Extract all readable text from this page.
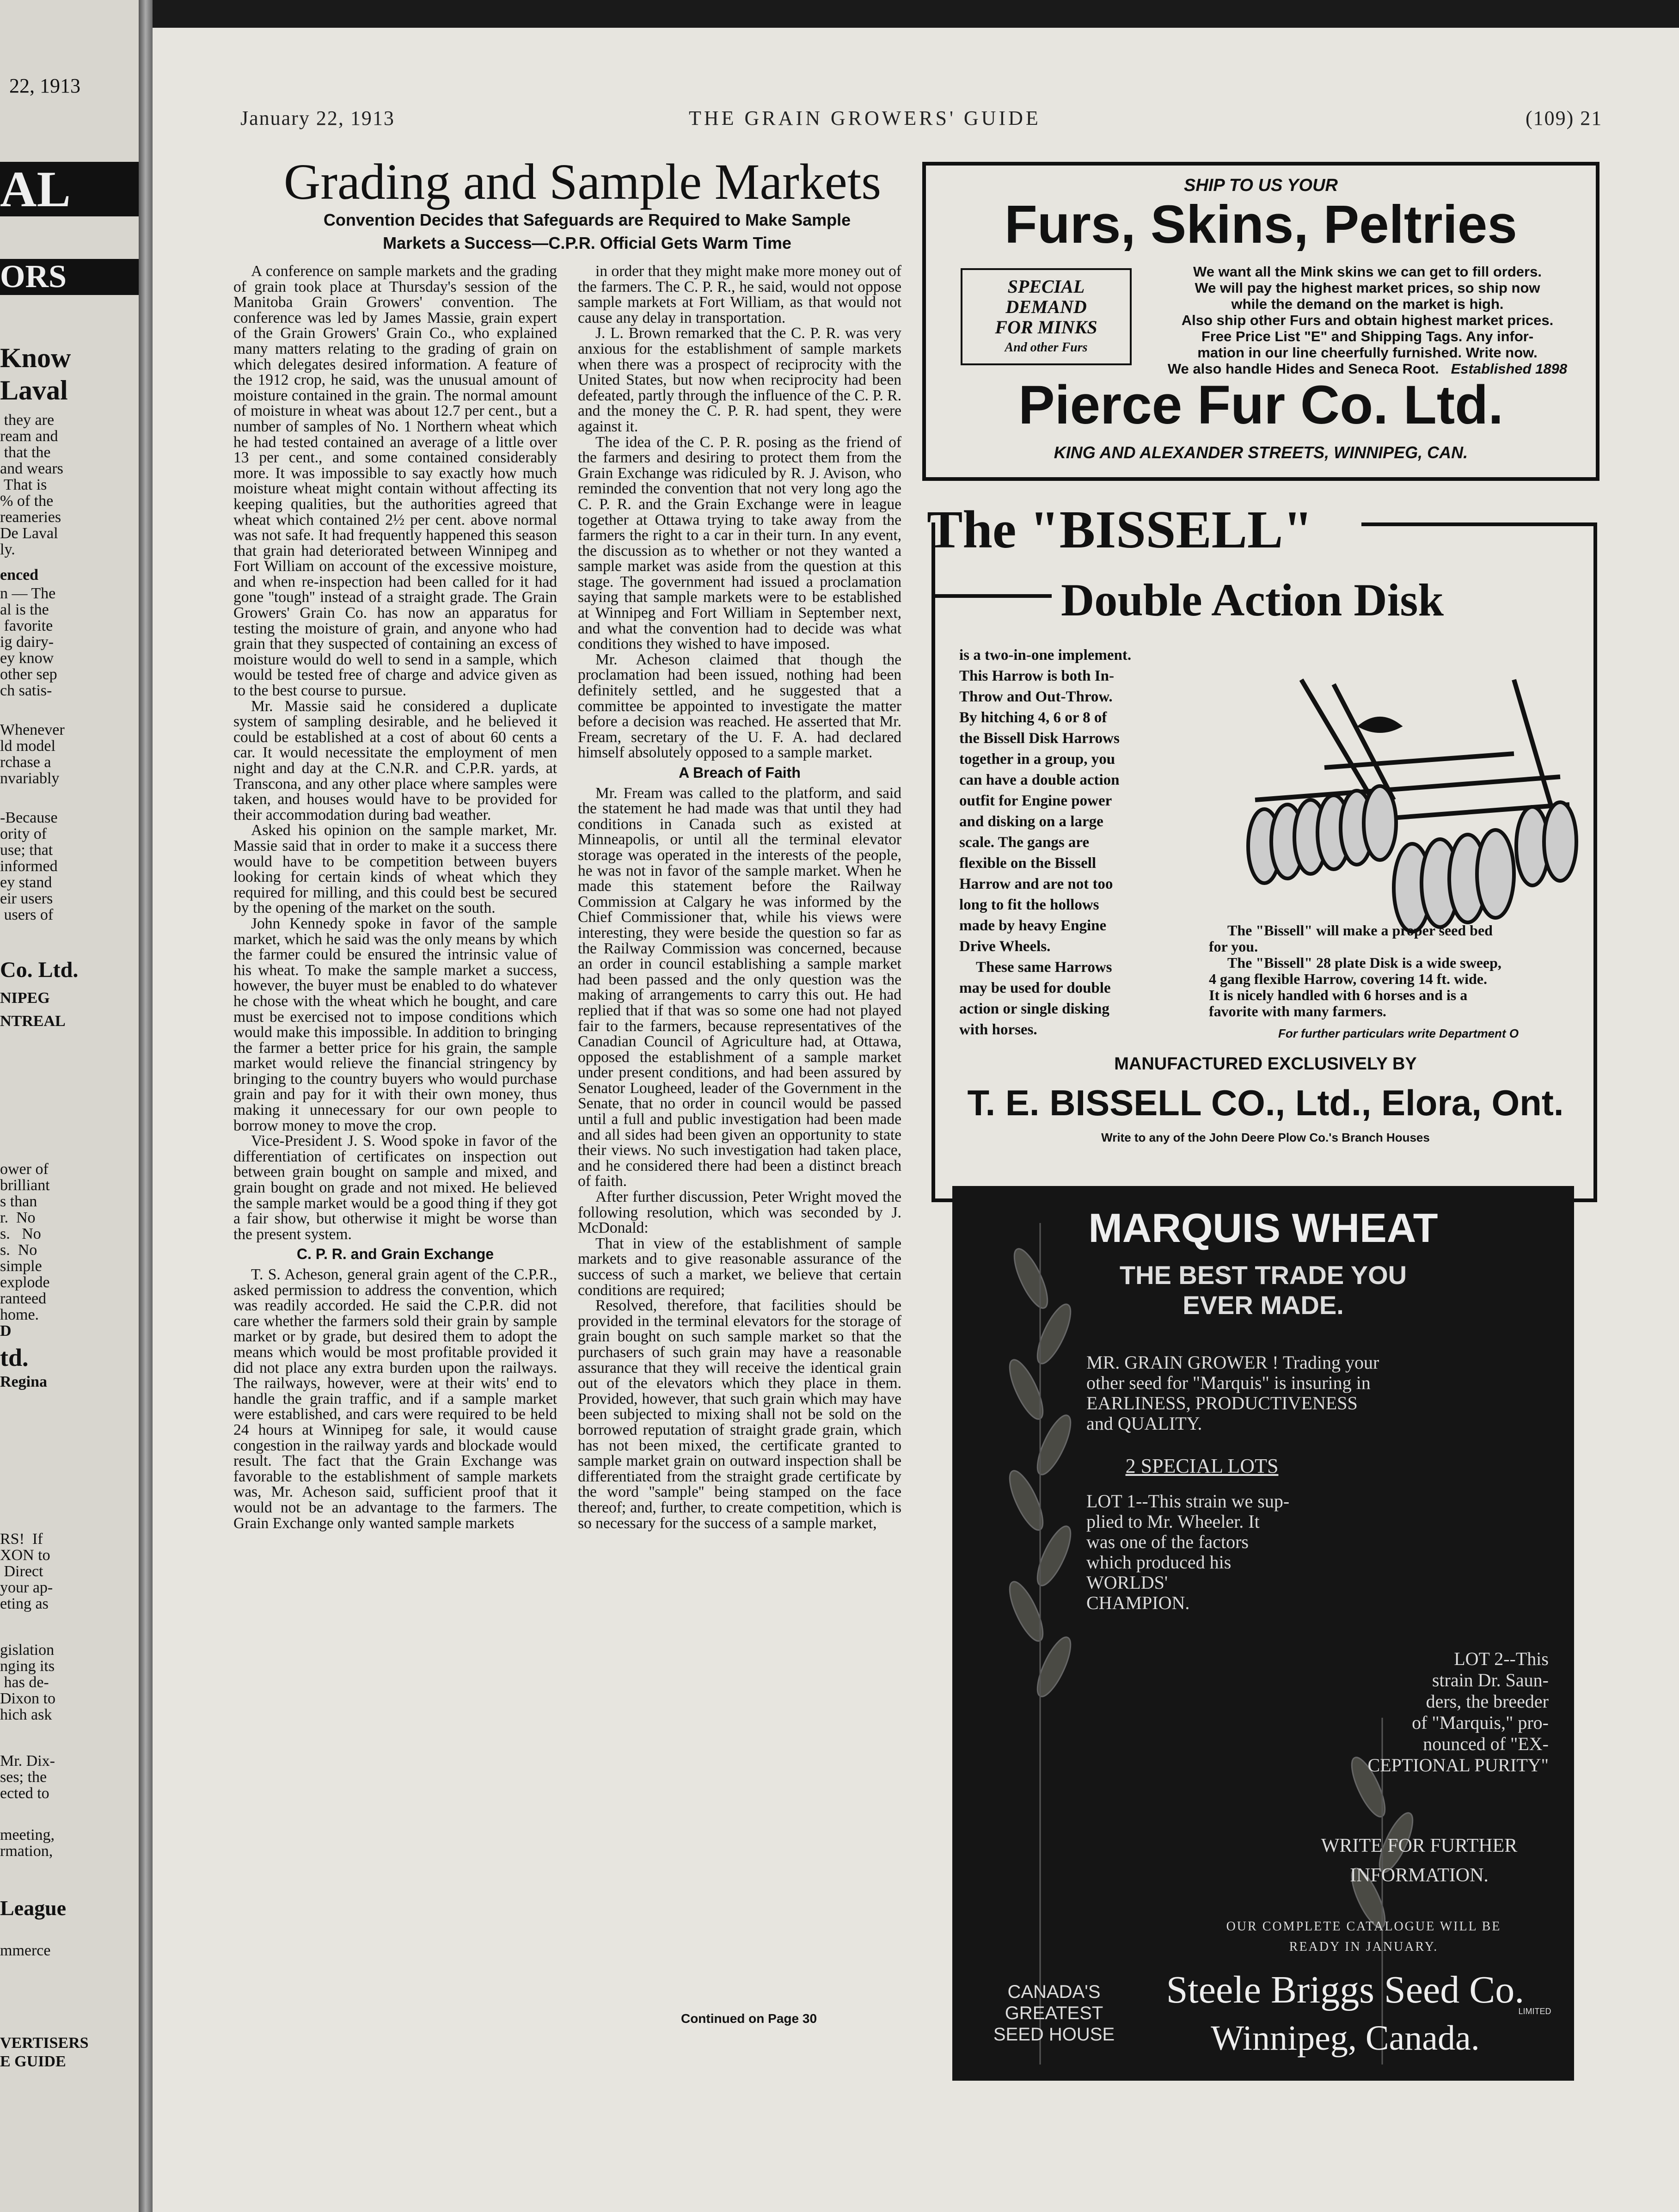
22, 1913
AL
ORS
Know
Laval
they are
ream and
that the
and wears
That is
% of the
reameries
De Laval
ly.
enced
n — The
al is the
favorite
ig dairy-
ey know
other sep
ch satis-
Whenever
ld model
rchase a
nvariably
-Because
ority of
use; that
informed
ey stand
eir users
users of
Co. Ltd.
NIPEG
NTREAL
ower of
brilliant
s than
r.  No
s.   No
s.  No
simple
explode
ranteed
home.
D
td.
Regina
RS!  If
XON to
Direct
your ap-
eting as
gislation
nging its
has de-
Dixon to
hich ask
Mr. Dix-
ses; the
ected to
meeting,
rmation,
League
mmerce
VERTISERS
E GUIDE
January 22, 1913	THE GRAIN GROWERS' GUIDE	(109) 21
Grading and Sample Markets
Convention Decides that Safeguards are Required to Make Sample
Markets a Success—C.P.R. Official Gets Warm Time

A conference on sample markets and the grading of grain took place at Thursday's session of the Manitoba Grain Growers' convention. The conference was led by James Massie, grain expert of the Grain Growers' Grain Co., who explained many matters relating to the grading of grain on which delegates desired information. A feature of the 1912 crop, he said, was the unusual amount of moisture contained in the grain. The normal amount of moisture in wheat was about 12.7 per cent., but a number of samples of No. 1 Northern wheat which he had tested contained an average of a little over 13 per cent., and some contained considerably more. It was impossible to say exactly how much moisture wheat might contain without affecting its keeping qualities, but the authorities agreed that wheat which contained 2½ per cent. above normal was not safe. It had frequently happened this season that grain had deteriorated between Winnipeg and Fort William on account of the excessive moisture, and when re-inspection had been called for it had gone ''tough'' instead of a straight grade. The Grain Growers' Grain Co. has now an apparatus for testing the moisture of grain, and anyone who had grain that they suspected of containing an excess of moisture would do well to send in a sample, which would be tested free of charge and advice given as to the best course to pursue.

Mr. Massie said he considered a duplicate system of sampling desirable, and he believed it could be established at a cost of about 60 cents a car. It would necessitate the employment of men night and day at the C.N.R. and C.P.R. yards, at Transcona, and any other place where samples were taken, and houses would have to be provided for their accommodation during bad weather.

Asked his opinion on the sample market, Mr. Massie said that in order to make it a success there would have to be competition between buyers looking for certain kinds of wheat which they required for milling, and this could best be secured by the opening of the market on the south.

John Kennedy spoke in favor of the sample market, which he said was the only means by which the farmer could be ensured the intrinsic value of his wheat. To make the sample market a success, however, the buyer must be enabled to do whatever he chose with the wheat which he bought, and care must be exercised not to impose conditions which would make this impossible. In addition to bringing the farmer a better price for his grain, the sample market would relieve the financial stringency by bringing to the country buyers who would purchase grain and pay for it with their own money, thus making it unnecessary for our own people to borrow money to move the crop.

Vice-President J. S. Wood spoke in favor of the differentiation of certificates on inspection out between grain bought on sample and mixed, and grain bought on grade and not mixed. He believed the sample market would be a good thing if they got a fair show, but otherwise it might be worse than the present system.

C. P. R. and Grain Exchange

T. S. Acheson, general grain agent of the C.P.R., asked permission to address the convention, which was readily accorded. He said the C.P.R. did not care whether the farmers sold their grain by sample market or by grade, but desired them to adopt the means which would be most profitable provided it did not place any extra burden upon the railways. The railways, however, were at their wits' end to handle the grain traffic, and if a sample market were established, and cars were required to be held 24 hours at Winnipeg for sale, it would cause congestion in the railway yards and blockade would result. The fact that the Grain Exchange was favorable to the establishment of sample markets was, Mr. Acheson said, sufficient proof that it would not be an advantage to the farmers. The Grain Exchange only wanted sample markets

in order that they might make more money out of the farmers. The C. P. R., he said, would not oppose sample markets at Fort William, as that would not cause any delay in transportation.

J. L. Brown remarked that the C. P. R. was very anxious for the establishment of sample markets when there was a prospect of reciprocity with the United States, but now when reciprocity had been defeated, partly through the influence of the C. P. R. and the money the C. P. R. had spent, they were against it.

The idea of the C. P. R. posing as the friend of the farmers and desiring to protect them from the Grain Exchange was ridiculed by R. J. Avison, who reminded the convention that not very long ago the C. P. R. and the Grain Exchange were in league together at Ottawa trying to take away from the farmers the right to a car in their turn. In any event, the discussion as to whether or not they wanted a sample market was aside from the question at this stage. The government had issued a proclamation saying that sample markets were to be established at Winnipeg and Fort William in September next, and what the convention had to decide was what conditions they wished to have imposed.

Mr. Acheson claimed that though the proclamation had been issued, nothing had been definitely settled, and he suggested that a committee be appointed to investigate the matter before a decision was reached. He asserted that Mr. Fream, secretary of the U. F. A. had declared himself absolutely opposed to a sample market.

A Breach of Faith

Mr. Fream was called to the platform, and said the statement he had made was that until they had conditions in Canada such as existed at Minneapolis, or until all the terminal elevator storage was operated in the interests of the people, he was not in favor of the sample market. When he made this statement before the Railway Commission at Calgary he was informed by the Chief Commissioner that, while his views were interesting, they were beside the question so far as the Railway Commission was concerned, because an order in council establishing a sample market had been passed and the only question was the making of arrangements to carry this out. He had replied that if that was so some one had not played fair to the farmers, because representatives of the Canadian Council of Agriculture had, at Ottawa, opposed the establishment of a sample market under present conditions, and had been assured by Senator Lougheed, leader of the Government in the Senate, that no order in council would be passed until a full and public investigation had been made and all sides had been given an opportunity to state their views. No such investigation had taken place, and he considered there had been a distinct breach of faith.

After further discussion, Peter Wright moved the following resolution, which was seconded by J. McDonald:

That in view of the establishment of sample markets and to give reasonable assurance of the success of such a market, we believe that certain conditions are required;

Resolved, therefore, that facilities should be provided in the terminal elevators for the storage of grain bought on such sample market so that the purchasers of such grain may have a reasonable assurance that they will receive the identical grain out of the elevators which they place in them. Provided, however, that such grain which may have been subjected to mixing shall not be sold on the borrowed reputation of straight grade grain, which has not been mixed, the certificate granted to sample market grain on outward inspection shall be differentiated from the straight grade certificate by the word ''sample'' being stamped on the face thereof; and, further, to create competition, which is so necessary for the success of a sample market,

Continued on Page 30
SHIP TO US YOUR
Furs, Skins, Peltries
SPECIAL
DEMAND
FOR MINKS
And other Furs
We want all the Mink skins we can get to fill orders.
We will pay the highest market prices, so ship now
while the demand on the market is high.
Also ship other Furs and obtain highest market prices.
Free Price List "E" and Shipping Tags. Any infor-
mation in our line cheerfully furnished. Write now.
We also handle Hides and Seneca Root. Established 1898
Pierce Fur Co. Ltd.
KING AND ALEXANDER STREETS, WINNIPEG, CAN.
The "BISSELL"
Double Action Disk
is a two-in-one implement.
This Harrow is both In-
Throw and Out-Throw.
By hitching 4, 6 or 8 of
the Bissell Disk Harrows
together in a group, you
can have a double action
outfit for Engine power
and disking on a large
scale. The gangs are
flexible on the Bissell
Harrow and are not too
long to fit the hollows
made by heavy Engine
Drive Wheels.
These same Harrows
may be used for double
action or single disking
with horses.
The "Bissell" will make a proper seed bed
for you.
The "Bissell" 28 plate Disk is a wide sweep,
4 gang flexible Harrow, covering 14 ft. wide.
It is nicely handled with 6 horses and is a
favorite with many farmers.
For further particulars write Department O
MANUFACTURED EXCLUSIVELY BY
T. E. BISSELL CO., Ltd., Elora, Ont.
Write to any of the John Deere Plow Co.'s Branch Houses
MARQUIS WHEAT
THE BEST TRADE YOU
EVER MADE.
MR. GRAIN GROWER ! Trading your
other seed for "Marquis" is insuring in
EARLINESS, PRODUCTIVENESS
and QUALITY.
2 SPECIAL LOTS
LOT 1--This strain we sup-
plied to Mr. Wheeler. It
was one of the factors
which produced his
WORLDS'
CHAMPION.
LOT 2--This
strain Dr. Saun-
ders, the breeder
of "Marquis," pro-
nounced of "EX-
CEPTIONAL PURITY"
WRITE FOR FURTHER
INFORMATION.
OUR COMPLETE CATALOGUE WILL BE
READY IN JANUARY.
CANADA'S
GREATEST
SEED HOUSE
Steele Briggs Seed Co.
LIMITED
Winnipeg, Canada.
